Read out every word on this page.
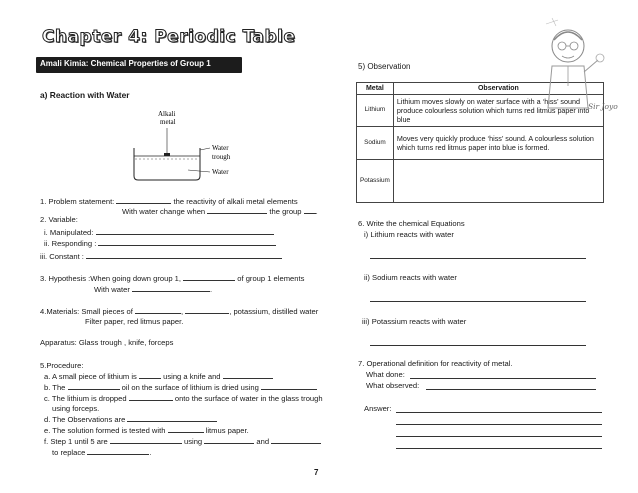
Chapter 4: Periodic Table
Amali Kimia: Chemical Properties of Group 1
a) Reaction with Water
Alkali
metal
Water
trough
Water
1. Problem statement:	the reactivity of alkali metal elements
With water change when	the group .
2. Variable:
i. Manipulated:
ii. Responding :
iii. Constant :
3. Hypothesis :When going down group 1,	of group 1 elements
With water	.
4.Materials: Small pieces of	,	, potassium, distilled water
Filter paper, red litmus paper.
Apparatus: Glass trough , knife, forceps
5.Procedure:
a. A small piece of lithium is	using a knife and
b. The	oil on the surface of lithium is dried using
c. The lithium is dropped	onto the surface of water in the glass trough
using forceps.
d. The Observations are
e. The solution formed is tested with	litmus paper.
f. Step 1 until 5 are	using	and
to replace	.
5) Observation
Metal	Observation
Lithium	Lithium moves slowly on water surface with a ‘hiss’ sound produce colourless solution which turns red litmus paper into blue
Sodium	Moves very quickly produce ‘hiss’ sound. A colourless solution which turns red litmus paper into blue is formed.
Potassium	
6. Write the chemical Equations
i) Lithium reacts with water
ii) Sodium reacts with water
iii) Potassium reacts with water
7. Operational definition for reactivity of metal.
What done:
What observed:
Answer:
Sir Joyo
7
